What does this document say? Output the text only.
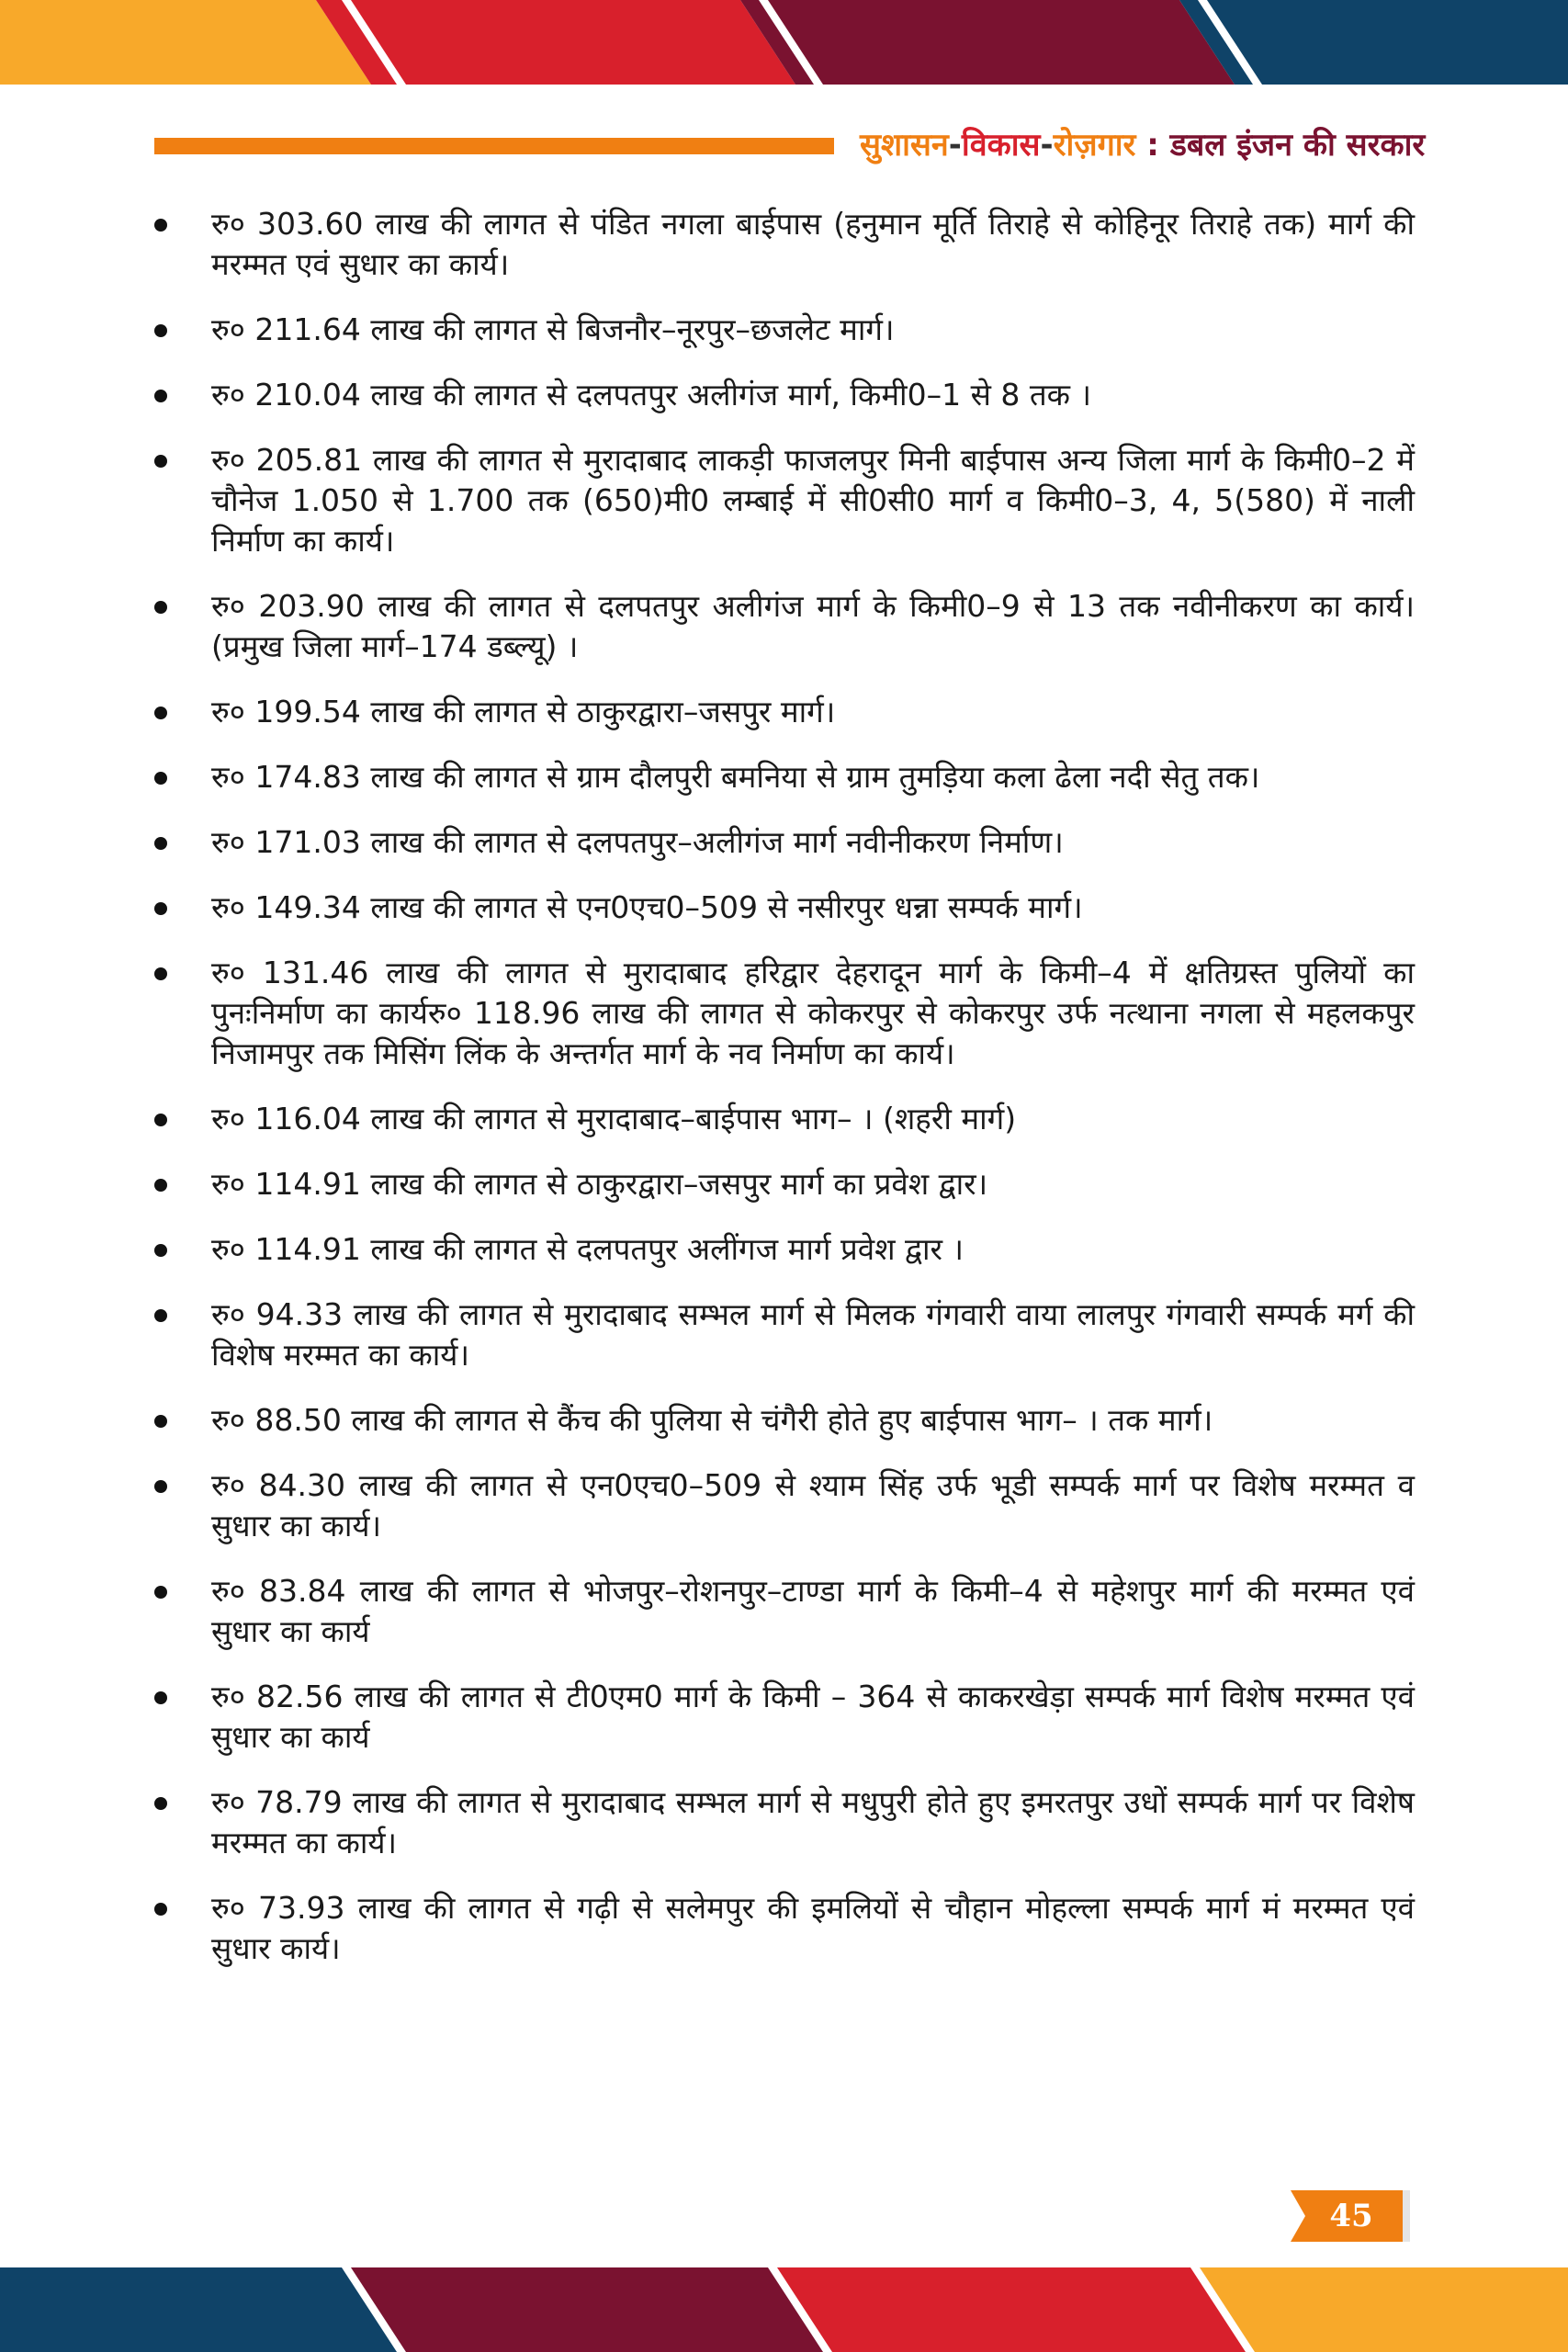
सुशासन-विकास-रोज़गार : डबल इंजन की सरकार
रु० 303.60 लाख की लागत से पंडित नगला बाईपास (हनुमान मूर्ति तिराहे से कोहिनूर तिराहे तक) मार्ग की मरम्मत एवं सुधार का कार्य।
रु० 211.64 लाख की लागत से बिजनौर–नूरपुर–छजलेट मार्ग।
रु० 210.04 लाख की लागत से दलपतपुर अलीगंज मार्ग, किमी0–1 से 8 तक ।
रु० 205.81 लाख की लागत से मुरादाबाद लाकड़ी फाजलपुर मिनी बाईपास अन्य जिला मार्ग के किमी0–2 में चौनेज 1.050 से 1.700 तक (650)मी0 लम्बाई में सी0सी0 मार्ग व किमी0–3, 4, 5(580) में नाली निर्माण का कार्य।
रु० 203.90 लाख की लागत से दलपतपुर अलीगंज मार्ग के किमी0–9 से 13 तक नवीनीकरण का कार्य। (प्रमुख जिला मार्ग–174 डब्ल्यू) ।
रु० 199.54 लाख की लागत से ठाकुरद्वारा–जसपुर मार्ग।
रु० 174.83 लाख की लागत से ग्राम दौलपुरी बमनिया से ग्राम तुमड़िया कला ढेला नदी सेतु तक।
रु० 171.03 लाख की लागत से दलपतपुर–अलीगंज मार्ग नवीनीकरण निर्माण।
रु० 149.34 लाख की लागत से एन0एच0–509 से नसीरपुर धन्ना सम्पर्क मार्ग।
रु० 131.46 लाख की लागत से मुरादाबाद हरिद्वार देहरादून मार्ग के किमी–4 में क्षतिग्रस्त पुलियों का पुनःनिर्माण का कार्यरु० 118.96 लाख की लागत से कोकरपुर से कोकरपुर उर्फ नत्थाना नगला से महलकपुर निजामपुर तक मिसिंग लिंक के अन्तर्गत मार्ग के नव निर्माण का कार्य।
रु० 116.04 लाख की लागत से मुरादाबाद–बाईपास भाग– । (शहरी मार्ग)
रु० 114.91 लाख की लागत से ठाकुरद्वारा–जसपुर मार्ग का प्रवेश द्वार।
रु० 114.91 लाख की लागत से दलपतपुर अलींगज मार्ग प्रवेश द्वार ।
रु० 94.33 लाख की लागत से मुरादाबाद सम्भल मार्ग से मिलक गंगवारी वाया लालपुर गंगवारी सम्पर्क मर्ग की विशेष मरम्मत का कार्य।
रु० 88.50 लाख की लागत से कैंच की पुलिया से चंगैरी होते हुए बाईपास भाग– । तक मार्ग।
रु० 84.30 लाख की लागत से एन0एच0–509 से श्याम सिंह उर्फ भूडी सम्पर्क मार्ग पर विशेष मरम्मत व सुधार का कार्य।
रु० 83.84 लाख की लागत से भोजपुर–रोशनपुर–टाण्डा मार्ग के किमी–4 से महेशपुर मार्ग की मरम्मत एवं सुधार का कार्य
रु० 82.56 लाख की लागत से टी0एम0 मार्ग के किमी – 364 से काकरखेड़ा सम्पर्क मार्ग विशेष मरम्मत एवं सुधार का कार्य
रु० 78.79 लाख की लागत से मुरादाबाद सम्भल मार्ग से मधुपुरी होते हुए इमरतपुर उधों सम्पर्क मार्ग पर विशेष मरम्मत का कार्य।
रु० 73.93 लाख की लागत से गढ़ी से सलेमपुर की इमलियों से चौहान मोहल्ला सम्पर्क मार्ग मं मरम्मत एवं सुधार कार्य।
45
